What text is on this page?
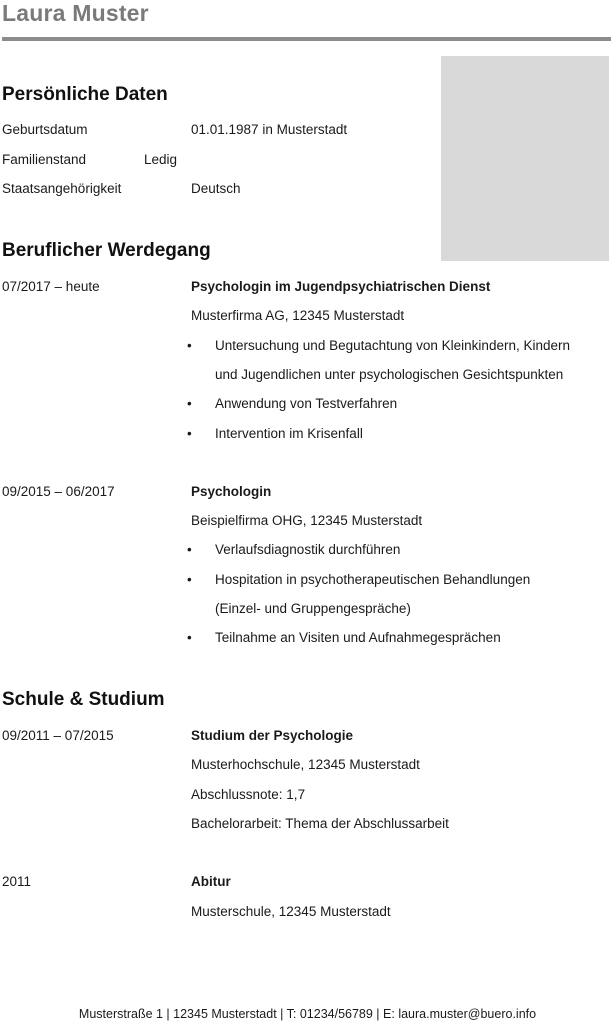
Laura Muster
Persönliche Daten
Geburtsdatum	01.01.1987 in Musterstadt
Familienstand	Ledig
Staatsangehörigkeit	Deutsch
Beruflicher Werdegang
07/2017 – heute	Psychologin im Jugendpsychiatrischen Dienst
Musterfirma AG, 12345 Musterstadt
• Untersuchung und Begutachtung von Kleinkindern, Kindern
und Jugendlichen unter psychologischen Gesichtspunkten
• Anwendung von Testverfahren
• Intervention im Krisenfall
09/2015 – 06/2017	Psychologin
Beispielfirma OHG, 12345 Musterstadt
• Verlaufsdiagnostik durchführen
• Hospitation in psychotherapeutischen Behandlungen
(Einzel- und Gruppengespräche)
• Teilnahme an Visiten und Aufnahmegesprächen
Schule & Studium
09/2011 – 07/2015	Studium der Psychologie
Musterhochschule, 12345 Musterstadt
Abschlussnote: 1,7
Bachelorarbeit: Thema der Abschlussarbeit
2011	Abitur
Musterschule, 12345 Musterstadt
Musterstraße 1 | 12345 Musterstadt | T: 01234/56789 | E: laura.muster@buero.info
